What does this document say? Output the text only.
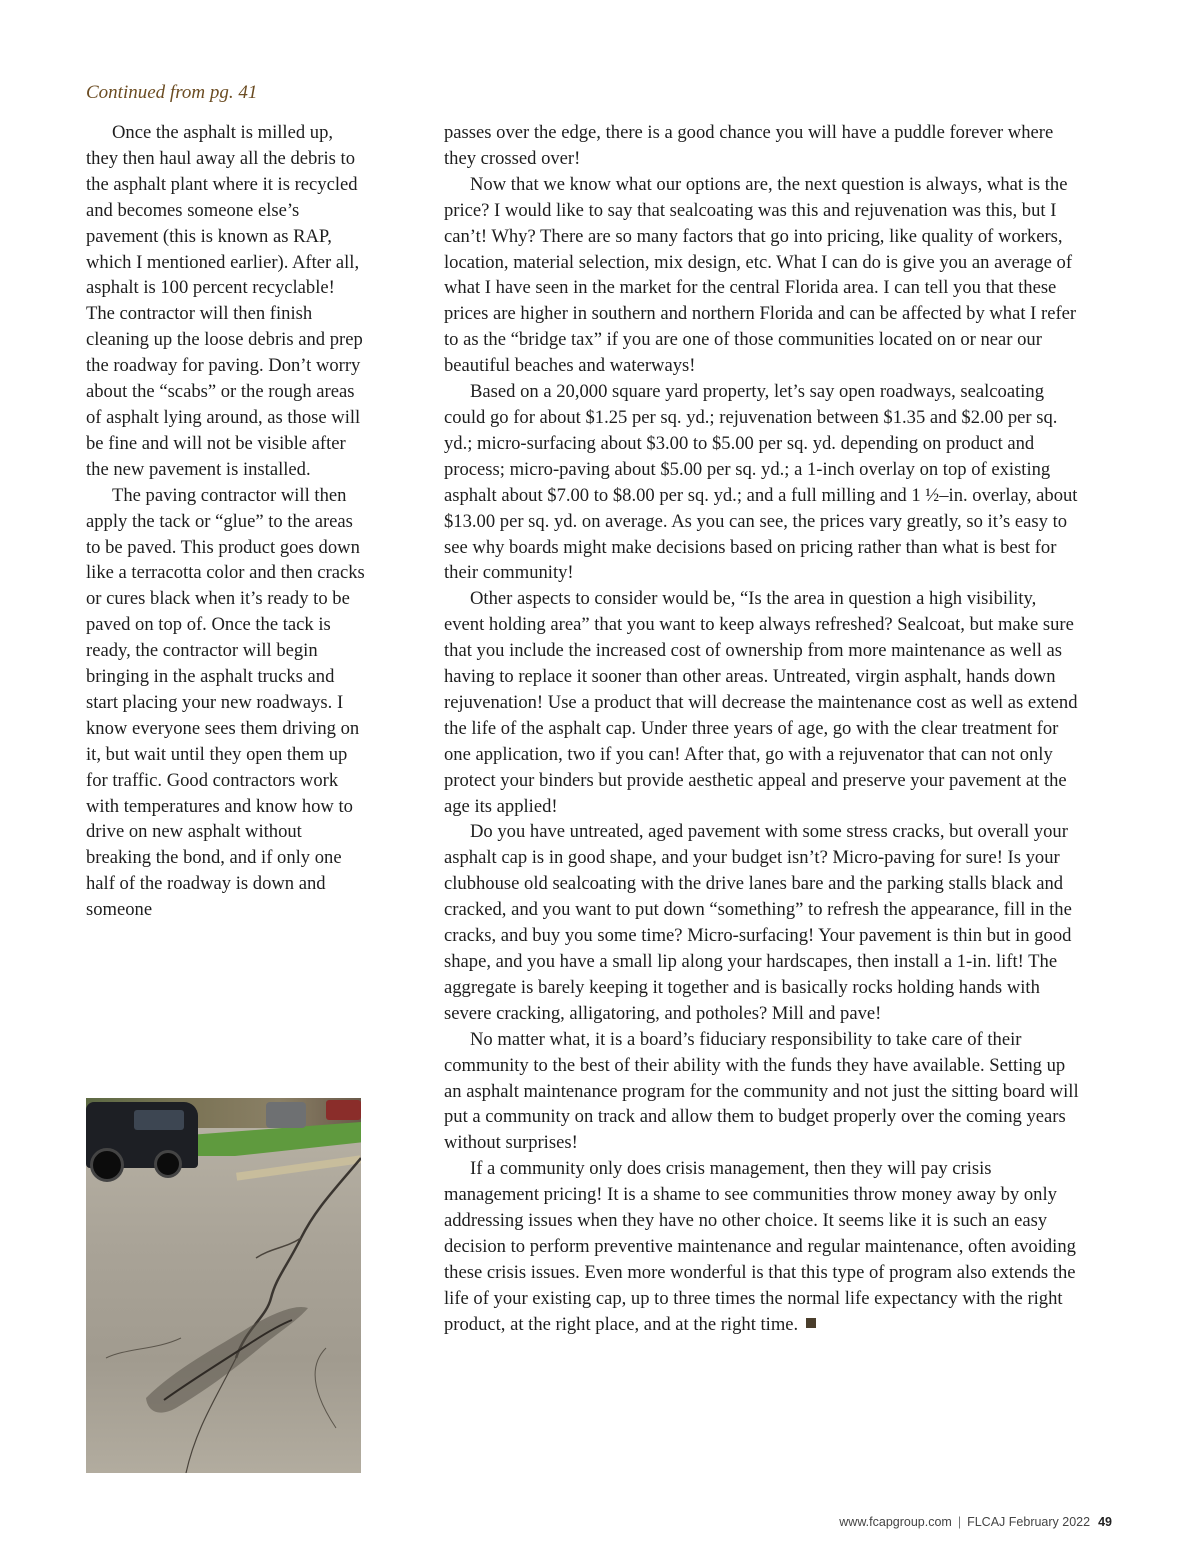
Continued from pg. 41

Once the asphalt is milled up, they then haul away all the debris to the asphalt plant where it is recycled and becomes someone else’s pavement (this is known as RAP, which I mentioned earlier). After all, asphalt is 100 percent recyclable! The contractor will then finish cleaning up the loose debris and prep the roadway for paving. Don’t worry about the “scabs” or the rough areas of asphalt lying around, as those will be fine and will not be visible after the new pavement is installed.

The paving contractor will then apply the tack or “glue” to the areas to be paved. This product goes down like a terracotta color and then cracks or cures black when it’s ready to be paved on top of. Once the tack is ready, the contractor will begin bringing in the asphalt trucks and start placing your new roadways. I know everyone sees them driving on it, but wait until they open them up for traffic. Good contractors work with temperatures and know how to drive on new asphalt without breaking the bond, and if only one half of the roadway is down and someone

passes over the edge, there is a good chance you will have a puddle forever where they crossed over!

Now that we know what our options are, the next question is always, what is the price? I would like to say that sealcoating was this and rejuvenation was this, but I can’t! Why? There are so many factors that go into pricing, like quality of workers, location, material selection, mix design, etc. What I can do is give you an average of what I have seen in the market for the central Florida area. I can tell you that these prices are higher in southern and northern Florida and can be affected by what I refer to as the “bridge tax” if you are one of those communities located on or near our beautiful beaches and waterways!

Based on a 20,000 square yard property, let’s say open roadways, sealcoating could go for about $1.25 per sq. yd.; rejuvenation between $1.35 and $2.00 per sq. yd.; micro-surfacing about $3.00 to $5.00 per sq. yd. depending on product and process; micro-paving about $5.00 per sq. yd.; a 1-inch overlay on top of existing asphalt about $7.00 to $8.00 per sq. yd.; and a full milling and 1 ½–in. overlay, about $13.00 per sq. yd. on average. As you can see, the prices vary greatly, so it’s easy to see why boards might make decisions based on pricing rather than what is best for their community!

Other aspects to consider would be, “Is the area in question a high visibility, event holding area” that you want to keep always refreshed? Sealcoat, but make sure that you include the increased cost of ownership from more maintenance as well as having to replace it sooner than other areas. Untreated, virgin asphalt, hands down rejuvenation! Use a product that will decrease the maintenance cost as well as extend the life of the asphalt cap. Under three years of age, go with the clear treatment for one application, two if you can! After that, go with a rejuvenator that can not only protect your binders but provide aesthetic appeal and preserve your pavement at the age its applied!

Do you have untreated, aged pavement with some stress cracks, but overall your asphalt cap is in good shape, and your budget isn’t? Micro-paving for sure! Is your clubhouse old sealcoating with the drive lanes bare and the parking stalls black and cracked, and you want to put down “something” to refresh the appearance, fill in the cracks, and buy you some time? Micro-surfacing! Your pavement is thin but in good shape, and you have a small lip along your hardscapes, then install a 1-in. lift! The aggregate is barely keeping it together and is basically rocks holding hands with severe cracking, alligatoring, and potholes? Mill and pave!

No matter what, it is a board’s fiduciary responsibility to take care of their community to the best of their ability with the funds they have available. Setting up an asphalt maintenance program for the community and not just the sitting board will put a community on track and allow them to budget properly over the coming years without surprises!

If a community only does crisis management, then they will pay crisis management pricing! It is a shame to see communities throw money away by only addressing issues when they have no other choice. It seems like it is such an easy decision to perform preventive maintenance and regular maintenance, often avoiding these crisis issues. Even more wonderful is that this type of program also extends the life of your existing cap, up to three times the normal life expectancy with the right product, at the right place, and at the right time.

www.fcapgroup.com | FLCAJ February 2022 49
